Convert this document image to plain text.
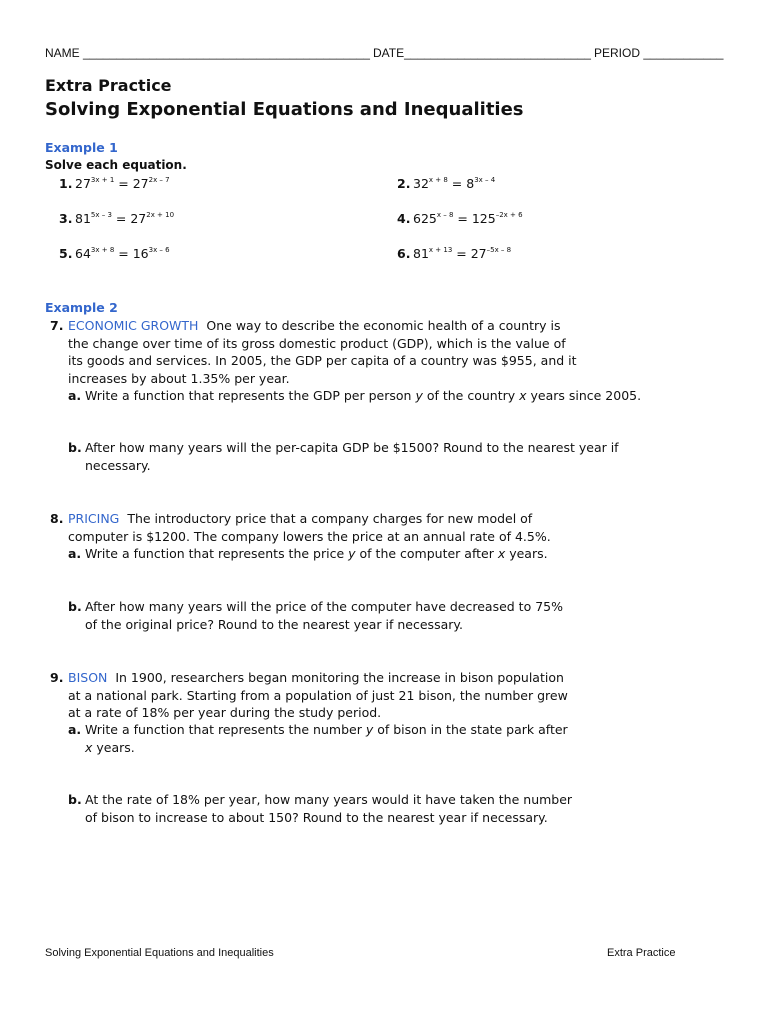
NAME ___________________________________________ DATE____________________________ PERIOD ____________
Extra Practice
Solving Exponential Equations and Inequalities
Example 1
Solve each equation.
1. $27^{3x + 1} = 27^{2x - 7}$	2. $32^{x + 8} = 8^{3x - 4}$
3. $81^{5x - 3} = 27^{2x + 10}$	4. $625^{x - 8} = 125^{-2x + 6}$
5. $64^{3x + 8} = 16^{3x - 6}$	6. $81^{x + 13} = 27^{-5x - 8}$
Example 2
7. ECONOMIC GROWTH One way to describe the economic health of a country is
the change over time of its gross domestic product (GDP), which is the value of
its goods and services. In 2005, the GDP per capita of a country was $955, and it
increases by about 1.35% per year.
a. Write a function that represents the GDP per person y of the country x years since 2005.
b. After how many years will the per-capita GDP be $1500? Round to the nearest year if
necessary.
8. PRICING The introductory price that a company charges for new model of
computer is $1200. The company lowers the price at an annual rate of 4.5%.
a. Write a function that represents the price y of the computer after x years.
b. After how many years will the price of the computer have decreased to 75%
of the original price? Round to the nearest year if necessary.
9. BISON In 1900, researchers began monitoring the increase in bison population
at a national park. Starting from a population of just 21 bison, the number grew
at a rate of 18% per year during the study period.
a. Write a function that represents the number y of bison in the state park after
x years.
b. At the rate of 18% per year, how many years would it have taken the number
of bison to increase to about 150? Round to the nearest year if necessary.
Solving Exponential Equations and Inequalities	Extra Practice
